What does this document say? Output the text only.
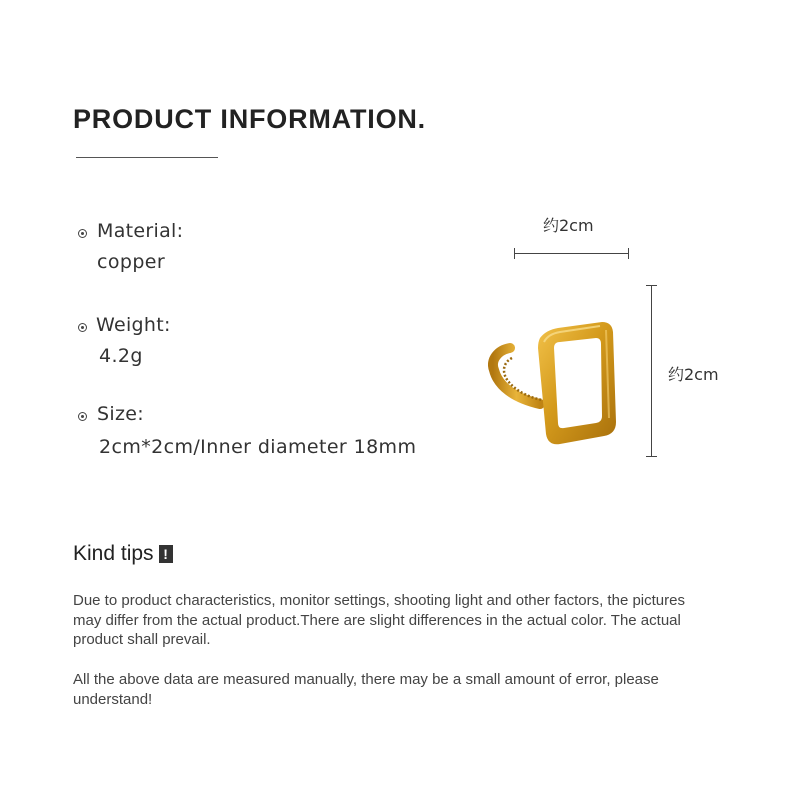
PRODUCT INFORMATION.
Material:
copper
Weight:
4.2g
Size:
2cm*2cm/Inner diameter 18mm
约2cm
约2cm
Kind tips !
Due to product characteristics, monitor settings, shooting light and other factors, the pictures may differ from the actual product.There are slight differences in the actual color. The actual product shall prevail.
All the above data are measured manually, there may be a small amount of error, please understand!
